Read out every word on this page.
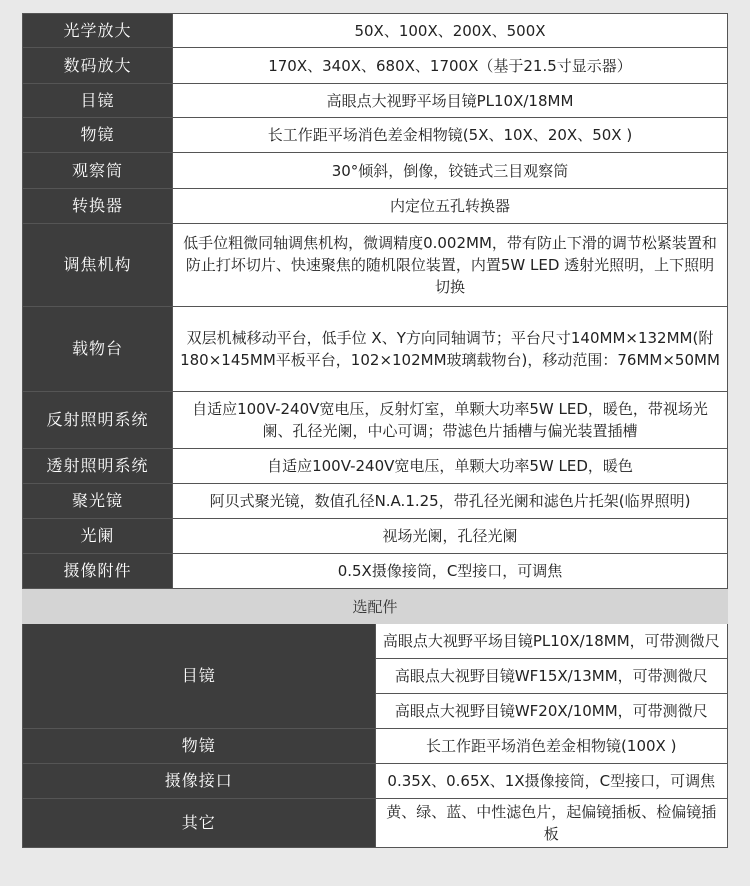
光学放大	50X、100X、200X、500X
数码放大	170X、340X、680X、1700X（基于21.5寸显示器）
目镜	高眼点大视野平场目镜PL10X/18MM
物镜	长工作距平场消色差金相物镜(5X、10X、20X、50X )
观察筒	30°倾斜，倒像，铰链式三目观察筒
转换器	内定位五孔转换器
调焦机构	低手位粗微同轴调焦机构，微调精度0.002MM，带有防止下滑的调节松紧装置和防止打坏切片、快速聚焦的随机限位装置，内置5W LED 透射光照明，上下照明切换
载物台	双层机械移动平台，低手位 X、Y方向同轴调节；平台尺寸140MM×132MM(附180×145MM平板平台，102×102MM玻璃载物台)，移动范围：76MM×50MM
反射照明系统	自适应100V-240V宽电压，反射灯室，单颗大功率5W LED，暖色，带视场光阑、孔径光阑，中心可调；带滤色片插槽与偏光装置插槽
透射照明系统	自适应100V-240V宽电压，单颗大功率5W LED，暖色
聚光镜	阿贝式聚光镜，数值孔径N.A.1.25，带孔径光阑和滤色片托架(临界照明)
光阑	视场光阑，孔径光阑
摄像附件	0.5X摄像接筒，C型接口，可调焦
选配件	
目镜	高眼点大视野平场目镜PL10X/18MM，可带测微尺
	高眼点大视野目镜WF15X/13MM，可带测微尺
	高眼点大视野目镜WF20X/10MM，可带测微尺
物镜	长工作距平场消色差金相物镜(100X )
摄像接口	0.35X、0.65X、1X摄像接筒，C型接口，可调焦
其它	黄、绿、蓝、中性滤色片，起偏镜插板、检偏镜插板
